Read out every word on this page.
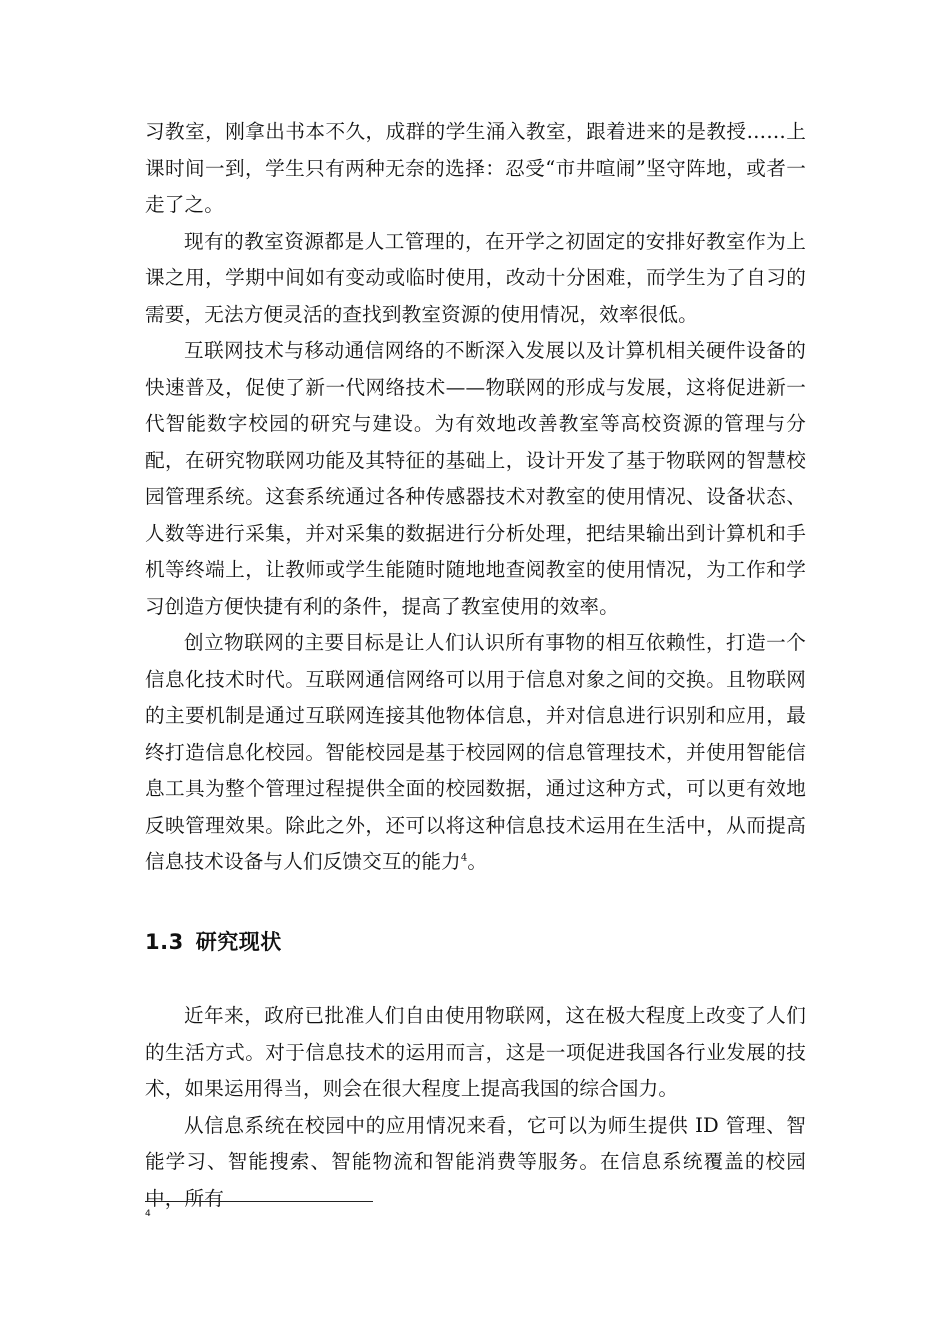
习教室，刚拿出书本不久，成群的学生涌入教室，跟着进来的是教授……上课时间一到，学生只有两种无奈的选择：忍受“市井喧闹”坚守阵地，或者一走了之。

现有的教室资源都是人工管理的，在开学之初固定的安排好教室作为上课之用，学期中间如有变动或临时使用，改动十分困难，而学生为了自习的需要，无法方便灵活的查找到教室资源的使用情况，效率很低。

互联网技术与移动通信网络的不断深入发展以及计算机相关硬件设备的快速普及，促使了新一代网络技术——物联网的形成与发展，这将促进新一代智能数字校园的研究与建设。为有效地改善教室等高校资源的管理与分配，在研究物联网功能及其特征的基础上，设计开发了基于物联网的智慧校园管理系统。这套系统通过各种传感器技术对教室的使用情况、设备状态、人数等进行采集，并对采集的数据进行分析处理，把结果输出到计算机和手机等终端上，让教师或学生能随时随地地查阅教室的使用情况，为工作和学习创造方便快捷有利的条件，提高了教室使用的效率。

创立物联网的主要目标是让人们认识所有事物的相互依赖性，打造一个信息化技术时代。互联网通信网络可以用于信息对象之间的交换。且物联网的主要机制是通过互联网连接其他物体信息，并对信息进行识别和应用，最终打造信息化校园。智能校园是基于校园网的信息管理技术，并使用智能信息工具为整个管理过程提供全面的校园数据，通过这种方式，可以更有效地反映管理效果。除此之外，还可以将这种信息技术运用在生活中，从而提高信息技术设备与人们反馈交互的能力$^4$。

1.3 研究现状

近年来，政府已批准人们自由使用物联网，这在极大程度上改变了人们的生活方式。对于信息技术的运用而言，这是一项促进我国各行业发展的技术，如果运用得当，则会在很大程度上提高我国的综合国力。

从信息系统在校园中的应用情况来看，它可以为师生提供 ID 管理、智能学习、智能搜索、智能物流和智能消费等服务。在信息系统覆盖的校园中，所有

4
